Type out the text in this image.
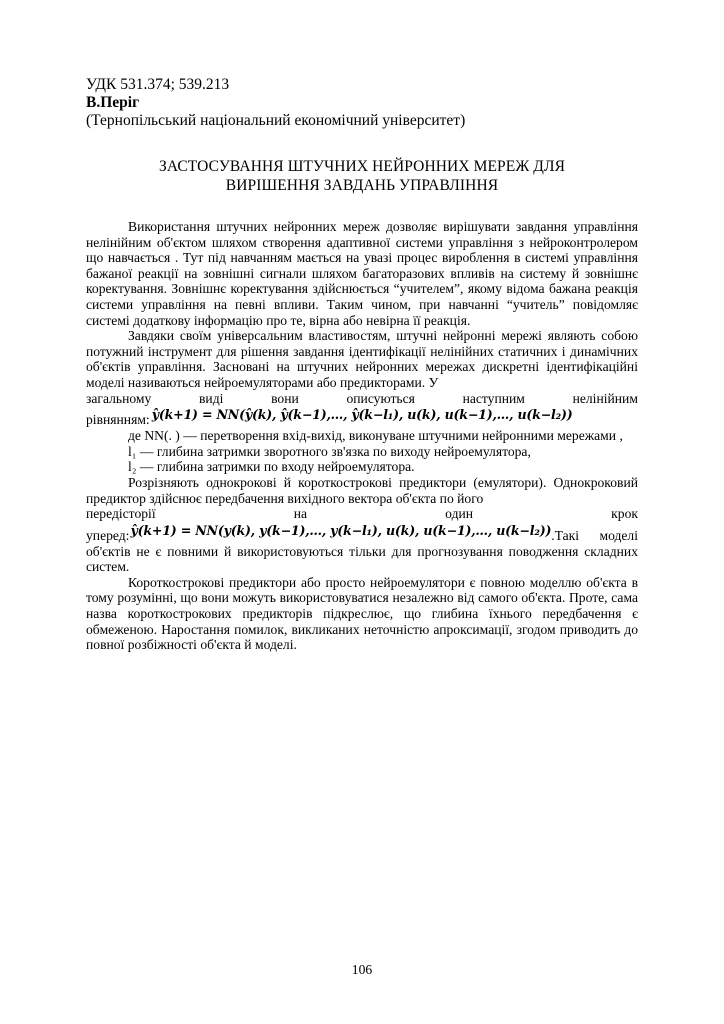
УДК 531.374; 539.213

В.Періг

(Тернопільський національний економічний університет)

ЗАСТОСУВАННЯ ШТУЧНИХ НЕЙРОННИХ МЕРЕЖ ДЛЯ
ВИРІШЕННЯ ЗАВДАНЬ УПРАВЛІННЯ

Використання штучних нейронних мереж дозволяє вирішувати завдання управління нелінійним об'єктом шляхом створення адаптивної системи управління з нейроконтролером що навчається . Тут під навчанням мається на увазі процес вироблення в системі управління бажаної реакції на зовнішні сигнали шляхом багаторазових впливів на систему й зовнішнє коректування. Зовнішнє коректування здійснюється “учителем”, якому відома бажана реакція системи управління на певні впливи. Таким чином, при навчанні “учитель” повідомляє системі додаткову інформацію про те, вірна або невірна її реакція.

Завдяки своїм універсальним властивостям, штучні нейронні мережі являють собою потужний інструмент для рішення завдання ідентифікації нелінійних статичних і динамічних об'єктів управління. Засновані на штучних нейронних мережах дискретні ідентифікаційні моделі називаються нейроемуляторами або предикторами. У

загальному	виді	вони	описуються	наступним	нелінійним
рівнянням: ŷ(k+1) = NN(ŷ(k), ŷ(k−1),…, ŷ(k−l₁), u(k), u(k−1),…, u(k−l₂))

де NN(. ) — перетворення вхід-вихід, виконуване штучними нейронними мережами ,

l₁ — глибина затримки зворотного зв'язка по виходу нейроемулятора,

l₂ — глибина затримки по входу нейроемулятора.

Розрізняють однокрокові й короткострокові предиктори (емулятори). Однокроковий предиктор здійснює передбачення вихідного вектора об'єкта по його

передісторії	на	один	крок
уперед: ŷ(k+1) = NN(y(k), y(k−1),…, y(k−l₁), u(k), u(k−1),…, u(k−l₂)) .Такі моделі

об'єктів не є повними й використовуються тільки для прогнозування поводження складних систем.

Короткострокові предиктори або просто нейроемулятори є повною моделлю об'єкта в тому розумінні, що вони можуть використовуватися незалежно від самого об'єкта. Проте, сама назва короткострокових предикторів підкреслює, що глибина їхнього передбачення є обмеженою. Наростання помилок, викликаних неточністю апроксимації, згодом приводить до повної розбіжності об'єкта й моделі.

106
